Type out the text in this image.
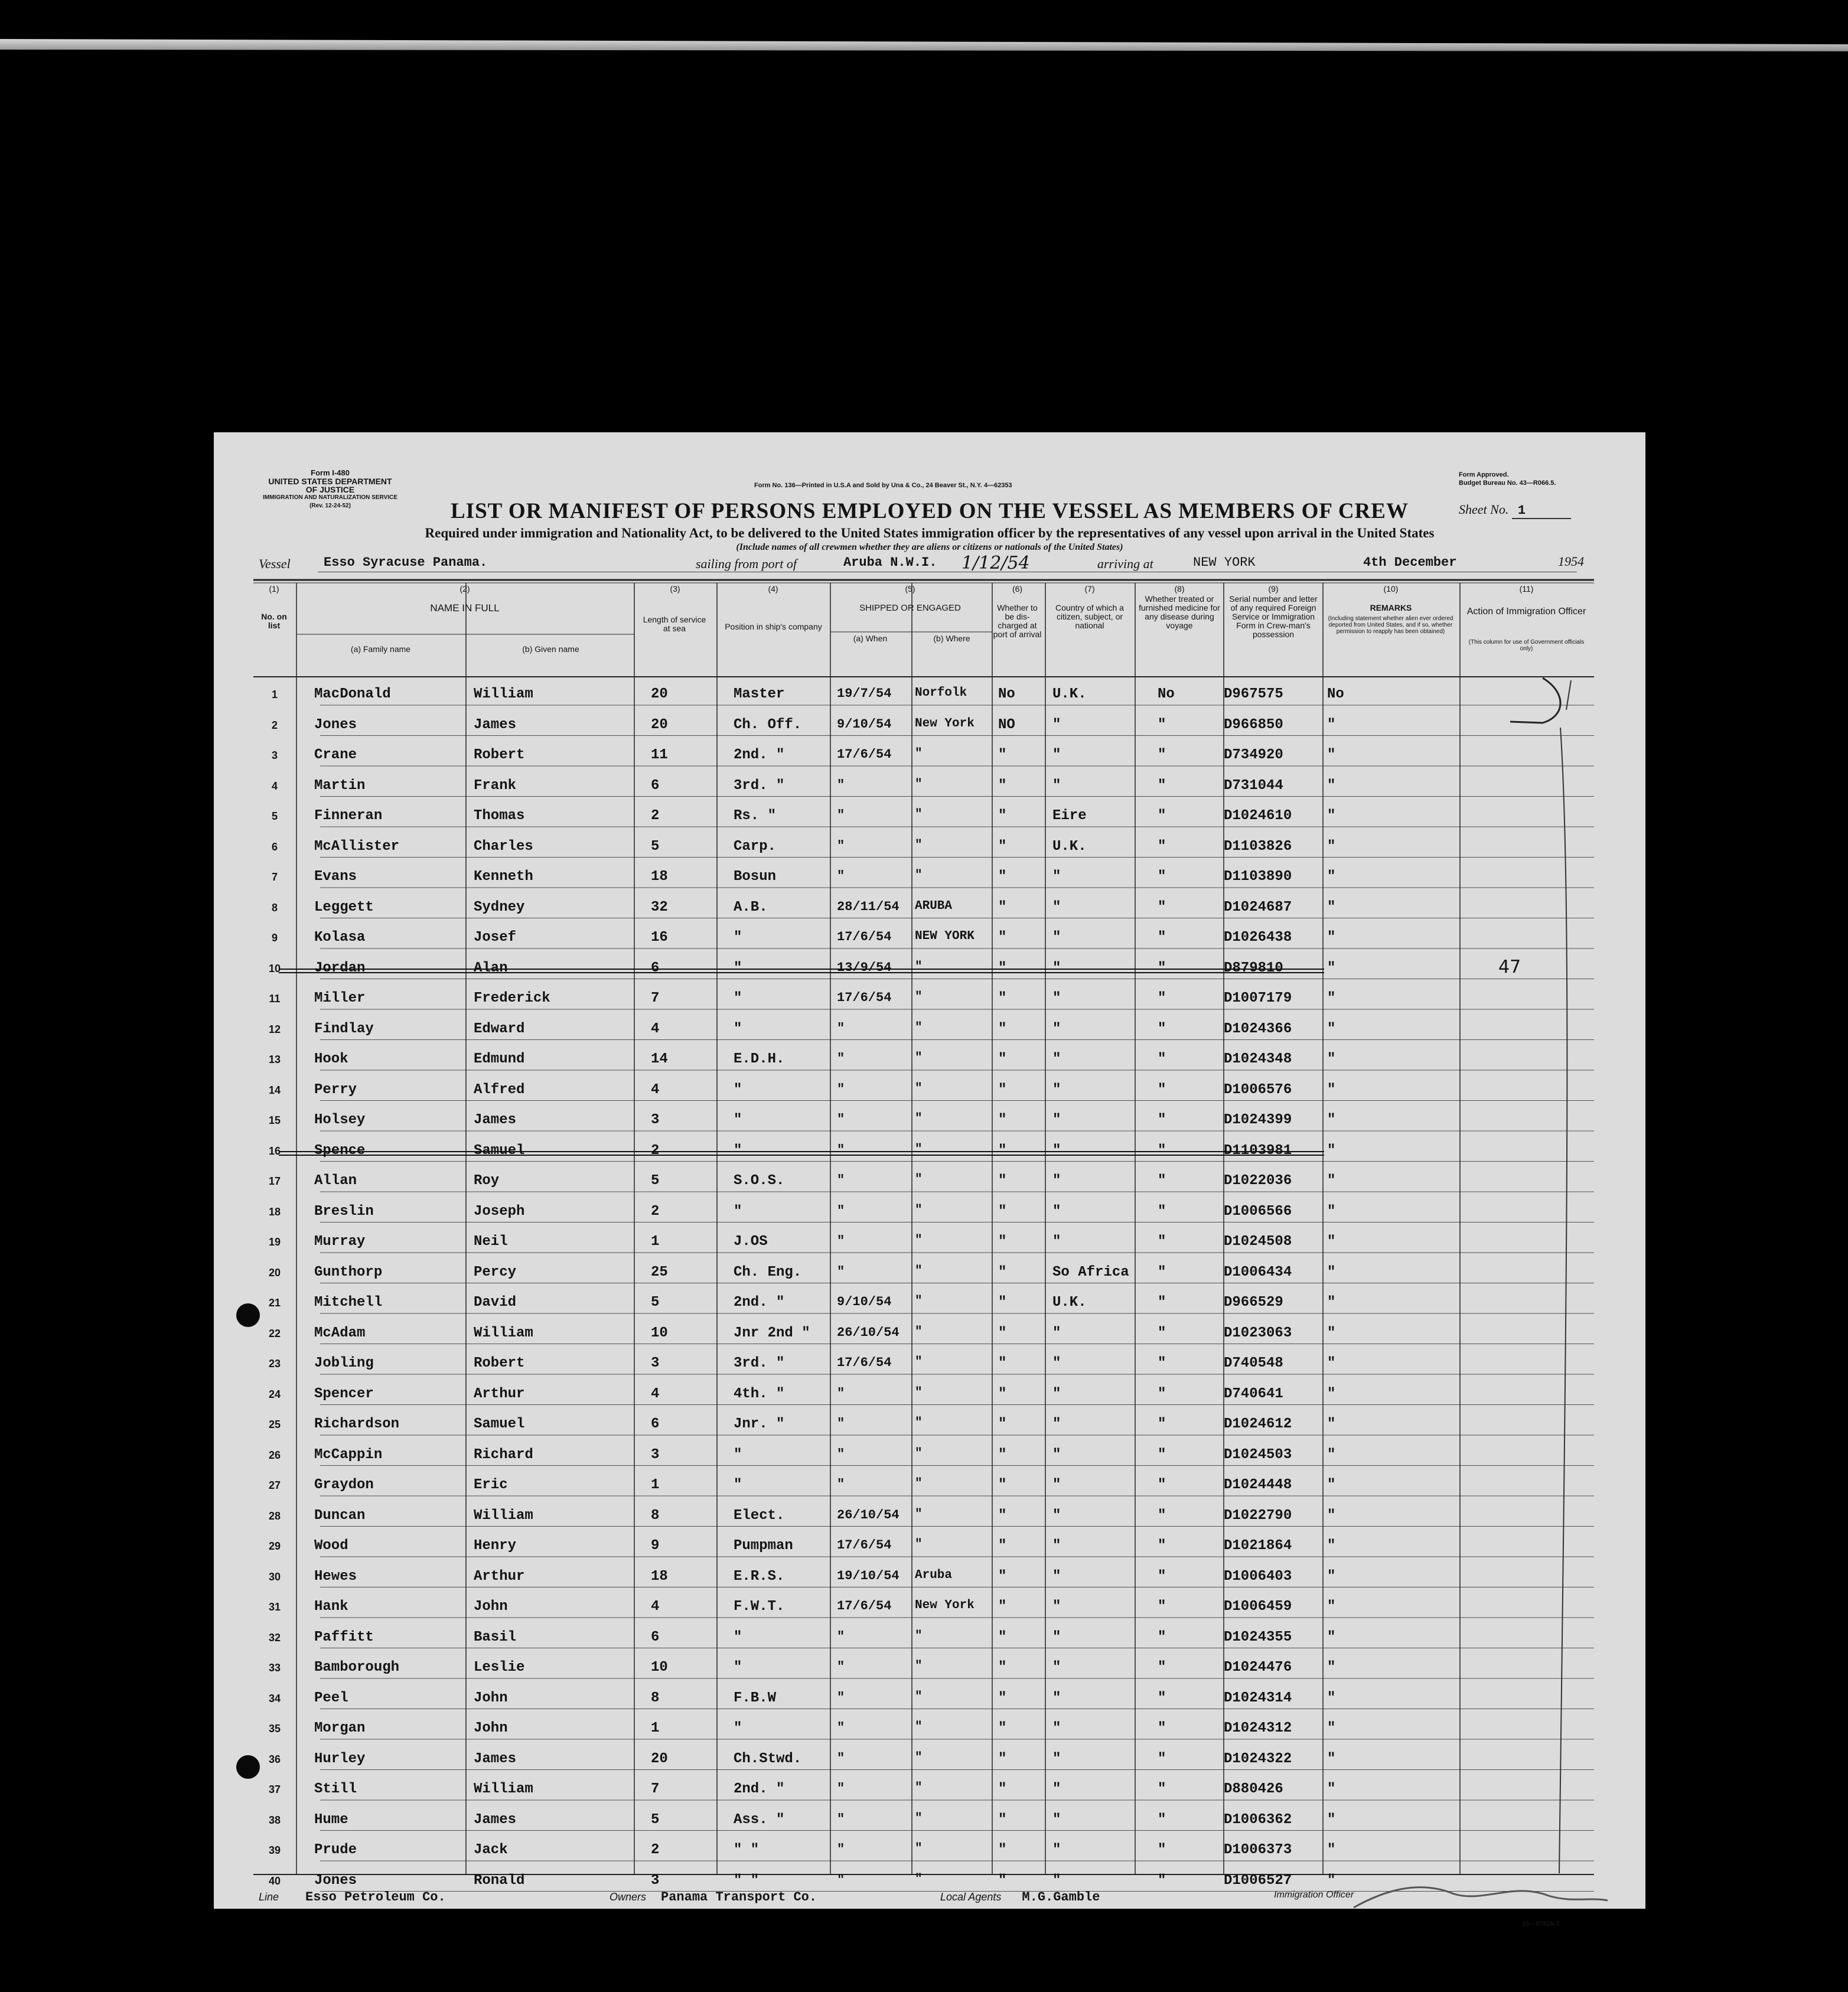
Form I-480
UNITED STATES DEPARTMENT OF JUSTICE
IMMIGRATION AND NATURALIZATION SERVICE
(Rev. 12-24-52)
Form No. 136—Printed in U.S.A and Sold by Una & Co., 24 Beaver St., N.Y. 4—62353
Form Approved.
Budget Bureau No. 43—R066.5.
LIST OR MANIFEST OF PERSONS EMPLOYED ON THE VESSEL AS MEMBERS OF CREW	Sheet No. 1
Required under immigration and Nationality Act, to be delivered to the United States immigration officer by the representatives of any vessel upon arrival in the United States
(Include names of all crewmen whether they are aliens or citizens or nationals of the United States)
Vessel	Esso Syracuse Panama.	sailing from port of	Aruba N.W.I. 1/12/54	arriving at	NEW YORK	4th December	1954
(1)
No. on list
(2)
NAME IN FULL
(a) Family name	(b) Given name
(3)
Length of service at sea
(4)
Position in ship's company
(5)
SHIPPED OR ENGAGED
(a) When	(b) Where
(6)
Whether to be dis-charged at port of arrival
(7)
Country of which a citizen, subject, or national
(8)
Whether treated or furnished medicine for any disease during voyage
(9)
Serial number and letter of any required Foreign Service or Immigration Form in Crew-man's possession
(10)
REMARKS
(Including statement whether alien ever ordered deported from United States, and if so, whether permission to reapply has been obtained)
(11)
Action of Immigration Officer
(This column for use of Government officials only)
1	MacDonald	William	20	Master	19/7/54 Norfolk No	U.K.	No	D967575	No
2	Jones	James	20	Ch. Off.	9/10/54 New York NO	"	"	D966850	"
3	Crane	Robert	11	2nd. "	17/6/54 "	"	"	"	D734920	"
4	Martin	Frank	6	3rd. "	"	"	"	"	"	D731044	"
5	Finneran	Thomas	2	Rs. "	"	"	"	Eire	"	D1024610 "
6	McAllister	Charles	5	Carp.	"	"	"	U.K.	"	D1103826 "
7	Evans	Kenneth	18	Bosun	"	"	"	"	"	D1103890 "
8	Leggett	Sydney	32	A.B.	28/11/54 ARUBA	"	"	"	D1024687 "
9	Kolasa	Josef	16	"	17/6/54 NEW YORK "	"	"	D1026438 "
10 Jordan	Alan	6	"	13/9/54 "	"	"	"	D879810	"	47
11 Miller	Frederick	7	"	17/6/54 "	"	"	"	D1007179 "
12 Findlay	Edward	4	"	"	"	"	"	"	D1024366 "
13 Hook	Edmund	14	E.D.H.	"	"	"	"	"	D1024348 "
14 Perry	Alfred	4	"	"	"	"	"	"	D1006576 "
15 Holsey	James	3	"	"	"	"	"	"	D1024399 "
16 Spence	Samuel	2	"	"	"	"	"	"	D1103981 "
17 Allan	Roy	5	S.O.S.	"	"	"	"	"	D1022036 "
18 Breslin	Joseph	2	"	"	"	"	"	"	D1006566 "
19 Murray	Neil	1	J.OS	"	"	"	"	"	D1024508 "
20 Gunthorp	Percy	25	Ch. Eng.	"	"	"	So Africa "	D1006434 "
21 Mitchell	David	5	2nd. "	9/10/54 "	"	U.K.	"	D966529	"
22 McAdam	William	10	Jnr 2nd " 26/10/54 "	"	"	"	D1023063 "
23 Jobling	Robert	3	3rd. "	17/6/54 "	"	"	"	D740548	"
24 Spencer	Arthur	4	4th. "	"	"	"	"	"	D740641	"
25 Richardson	Samuel	6	Jnr. "	"	"	"	"	"	D1024612 "
26 McCappin	Richard	3	"	"	"	"	"	"	D1024503 "
27 Graydon	Eric	1	"	"	"	"	"	"	D1024448 "
28 Duncan	William	8	Elect.	26/10/54 "	"	"	"	D1022790 "
29 Wood	Henry	9	Pumpman	17/6/54 "	"	"	"	D1021864 "
30 Hewes	Arthur	18	E.R.S.	19/10/54 Aruba	"	"	"	D1006403 "
31 Hank	John	4	F.W.T.	17/6/54 New York "	"	"	D1006459 "
32 Paffitt	Basil	6	"	"	"	"	"	"	D1024355 "
33 Bamborough	Leslie	10	"	"	"	"	"	"	D1024476 "
34 Peel	John	8	F.B.W	"	"	"	"	"	D1024314 "
35 Morgan	John	1	"	"	"	"	"	"	D1024312 "
36 Hurley	James	20	Ch.Stwd.	"	"	"	"	"	D1024322 "
37 Still	William	7	2nd. "	"	"	"	"	"	D880426	"
38 Hume	James	5	Ass. "	"	"	"	"	"	D1006362 "
39 Prude	Jack	2	" "	"	"	"	"	"	D1006373 "
40 Jones	Ronald	3	" "	"	"	"	"	"	D1006527 "
Line Esso Petroleum Co.	Owners Panama Transport Co.	Local Agents M.G.Gamble	Immigration Officer
16—67828-1
